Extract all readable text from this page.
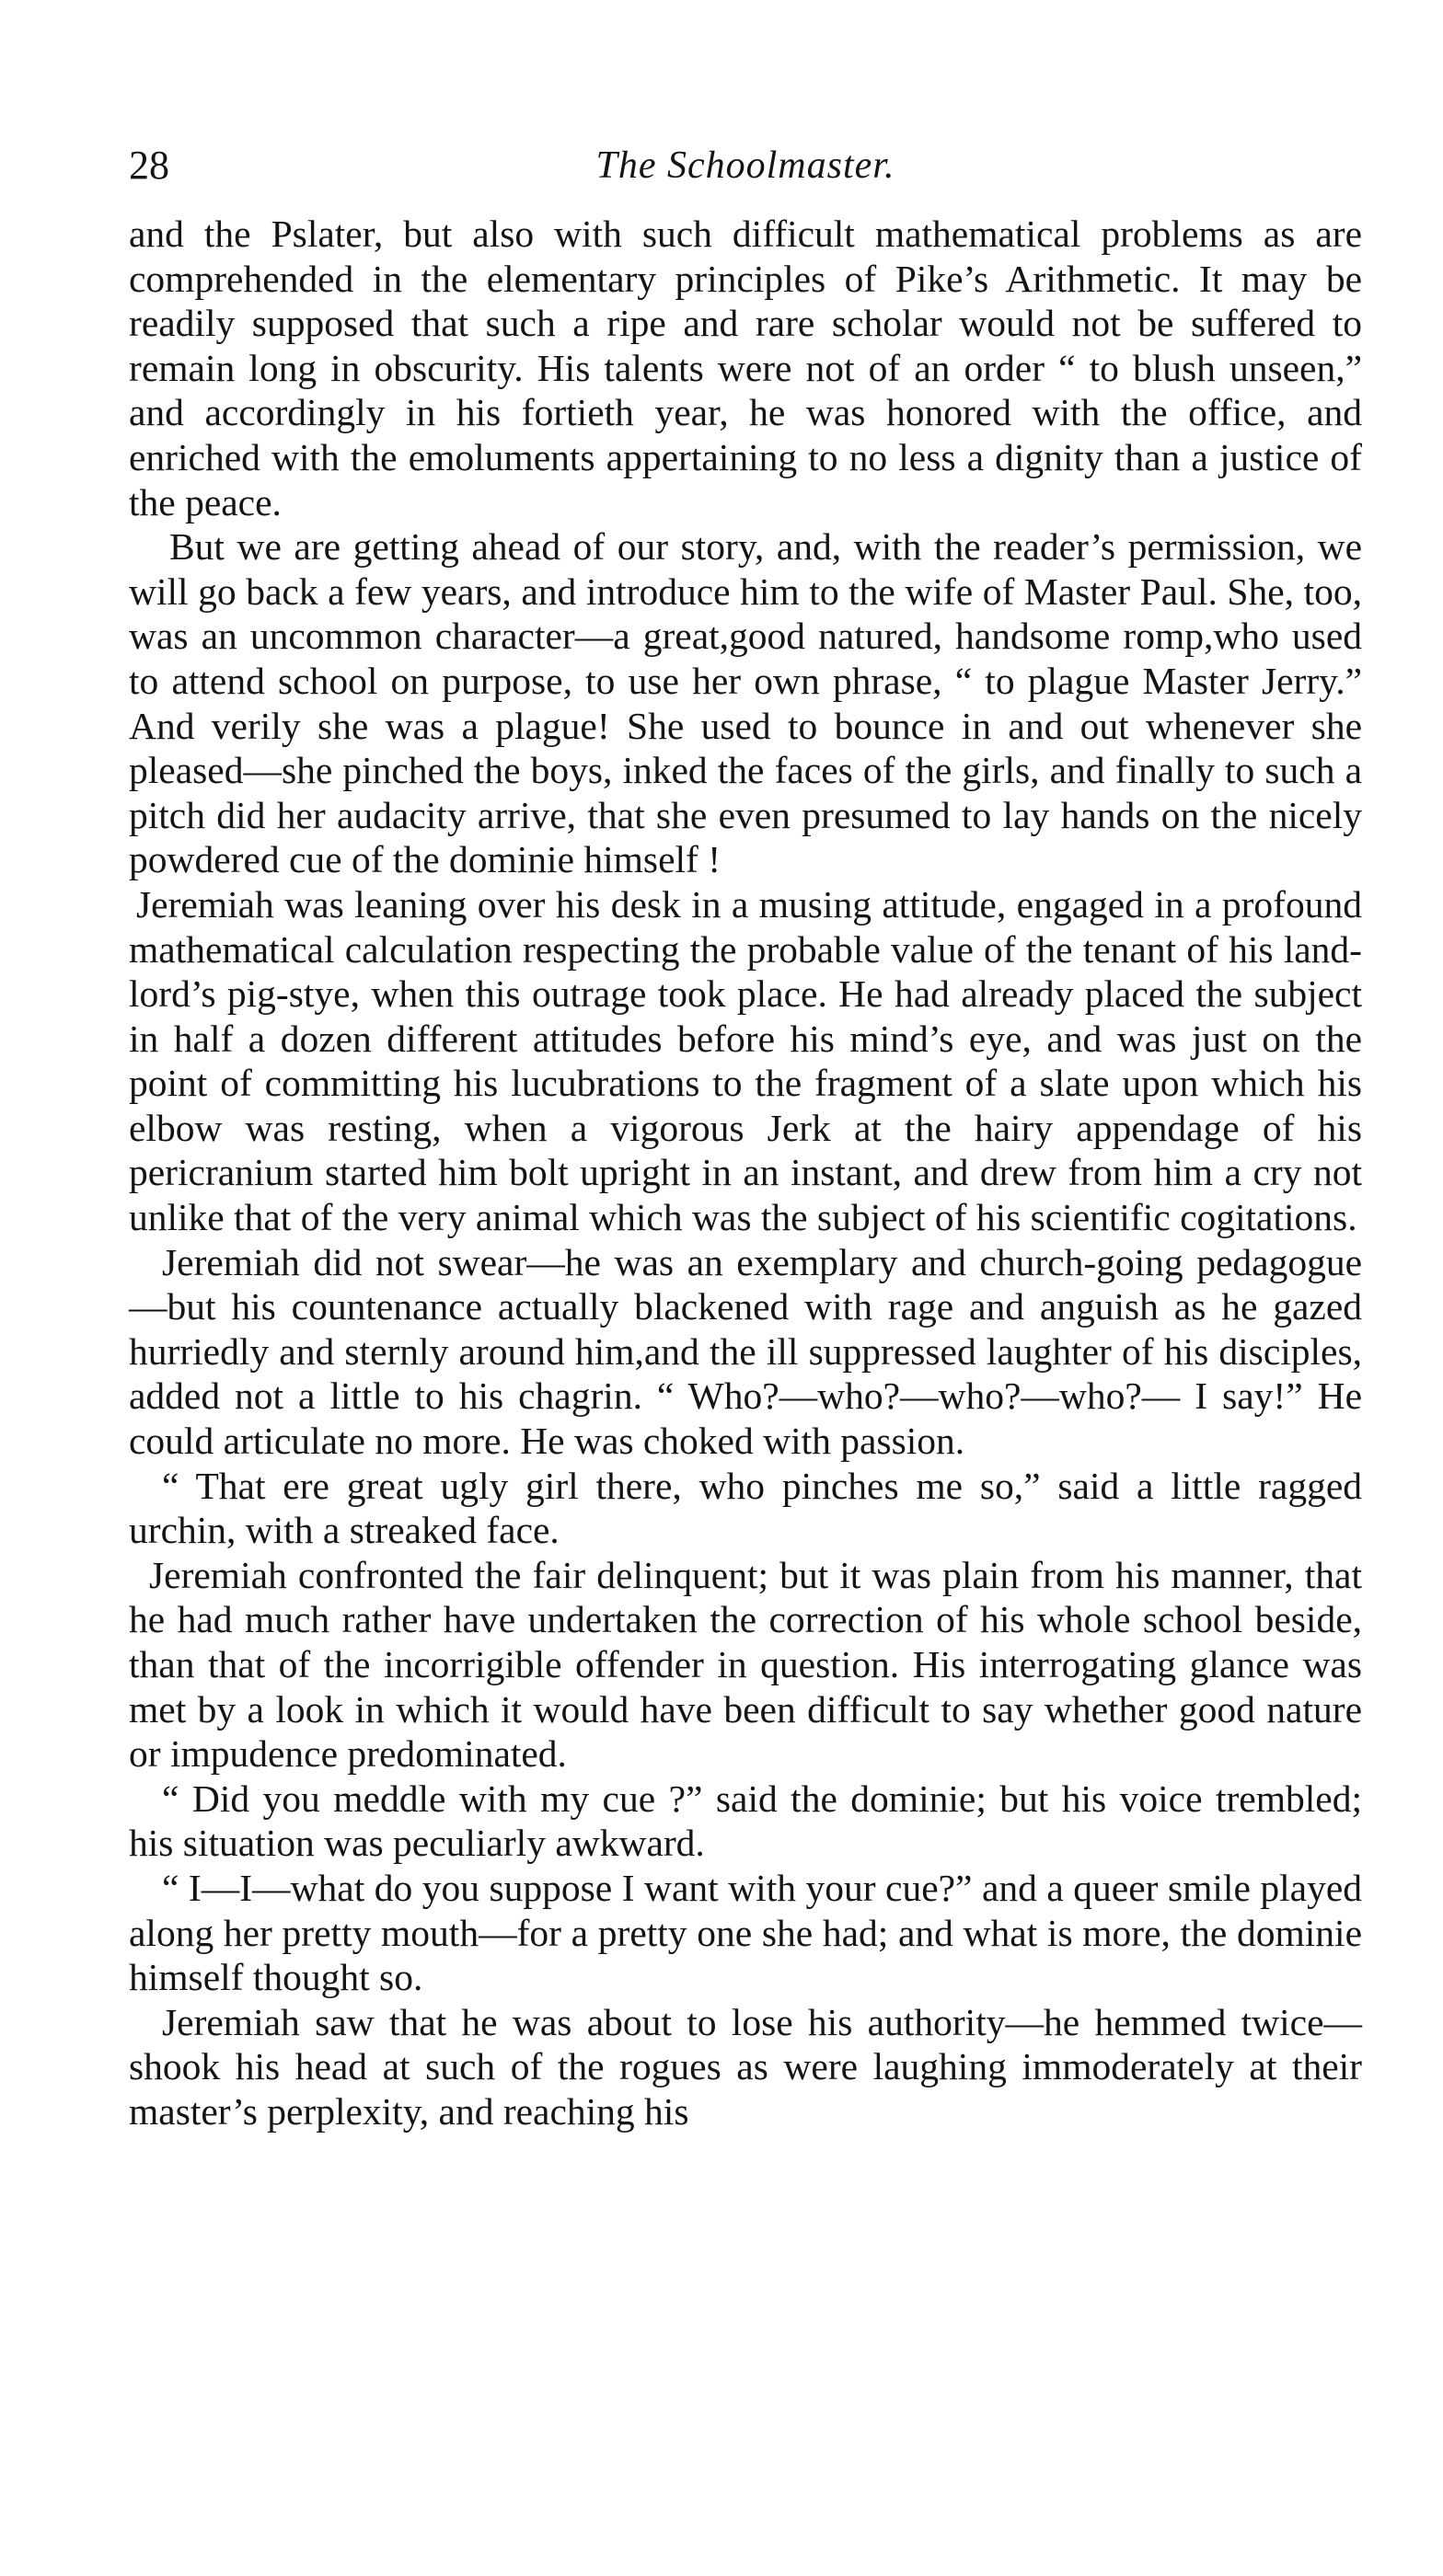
28	The Schoolmaster.

and the Pslater, but also with such difficult mathematical problems as are comprehended in the elementary principles of Pike’s Arithmetic. It may be readily supposed that such a ripe and rare scholar would not be suffered to remain long in obscurity. His talents were not of an order “ to blush unseen,” and accordingly in his fortieth year, he was honored with the office, and enriched with the emoluments appertaining to no less a dignity than a justice of the peace.

But we are getting ahead of our story, and, with the reader’s permission, we will go back a few years, and introduce him to the wife of Master Paul. She, too, was an uncommon character—a great,good natured, handsome romp,who used to attend school on purpose, to use her own phrase, “ to plague Master Jerry.” And verily she was a plague! She used to bounce in and out whenever she pleased—she pinched the boys, inked the faces of the girls, and finally to such a pitch did her audacity arrive, that she even presumed to lay hands on the nicely powdered cue of the dominie himself !

Jeremiah was leaning over his desk in a musing attitude, engaged in a profound mathematical calculation respecting the probable value of the tenant of his land-lord’s pig-stye, when this outrage took place. He had already placed the subject in half a dozen different attitudes before his mind’s eye, and was just on the point of committing his lucubrations to the fragment of a slate upon which his elbow was resting, when a vigorous Jerk at the hairy appendage of his pericranium started him bolt upright in an instant, and drew from him a cry not unlike that of the very animal which was the subject of his scientific cogitations.

Jeremiah did not swear—he was an exemplary and church-going pedagogue—but his countenance actually blackened with rage and anguish as he gazed hurriedly and sternly around him,and the ill suppressed laughter of his disciples, added not a little to his chagrin. “ Who?—who?—who?—who?— I say!” He could articulate no more. He was choked with passion.

“ That ere great ugly girl there, who pinches me so,” said a little ragged urchin, with a streaked face.

Jeremiah confronted the fair delinquent; but it was plain from his manner, that he had much rather have undertaken the correction of his whole school beside, than that of the incorrigible offender in question. His interrogating glance was met by a look in which it would have been difficult to say whether good nature or impudence predominated.

“ Did you meddle with my cue ?” said the dominie; but his voice trembled; his situation was peculiarly awkward.

“ I—I—what do you suppose I want with your cue?” and a queer smile played along her pretty mouth—for a pretty one she had; and what is more, the dominie himself thought so.

Jeremiah saw that he was about to lose his authority—he hemmed twice—shook his head at such of the rogues as were laughing immoderately at their master’s perplexity, and reaching his
